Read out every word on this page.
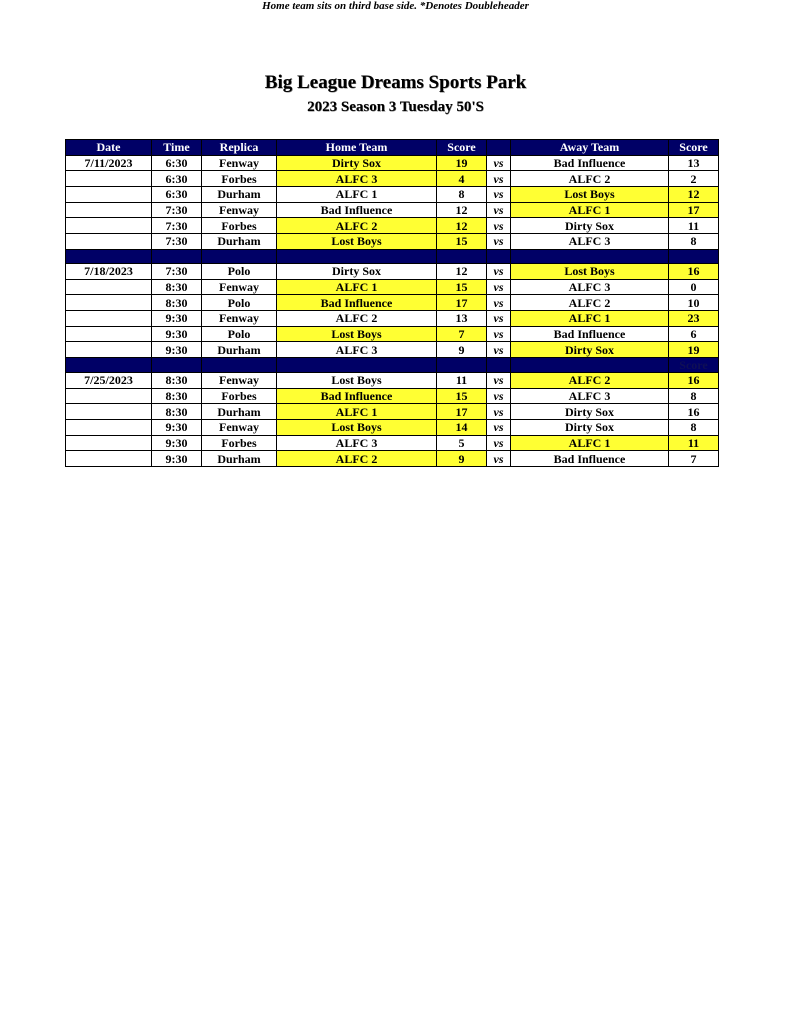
Big League Dreams Sports Park
2023 Season 3 Tuesday 50'S
Home team sits on third base side. *Denotes Doubleheader
Date	Time	Replica	Home Team	Score		Away Team	Score
7/11/2023	6:30	Fenway	Dirty Sox	19	vs	Bad Influence	13
	6:30	Forbes	ALFC 3	4	vs	ALFC 2	2
	6:30	Durham	ALFC 1	8	vs	Lost Boys	12
	7:30	Fenway	Bad Influence	12	vs	ALFC 1	17
	7:30	Forbes	ALFC 2	12	vs	Dirty Sox	11
	7:30	Durham	Lost Boys	15	vs	ALFC 3	8

7/18/2023	7:30	Polo	Dirty Sox	12	vs	Lost Boys	16
	8:30	Fenway	ALFC 1	15	vs	ALFC 3	0
	8:30	Polo	Bad Influence	17	vs	ALFC 2	10
	9:30	Fenway	ALFC 2	13	vs	ALFC 1	23
	9:30	Polo	Lost Boys	7	vs	Bad Influence	6
	9:30	Durham	ALFC 3	9	vs	Dirty Sox	19
							Score
7/25/2023	8:30	Fenway	Lost Boys	11	vs	ALFC 2	16
	8:30	Forbes	Bad Influence	15	vs	ALFC 3	8
	8:30	Durham	ALFC 1	17	vs	Dirty Sox	16
	9:30	Fenway	Lost Boys	14	vs	Dirty Sox	8
	9:30	Forbes	ALFC 3	5	vs	ALFC 1	11
	9:30	Durham	ALFC 2	9	vs	Bad Influence	7
